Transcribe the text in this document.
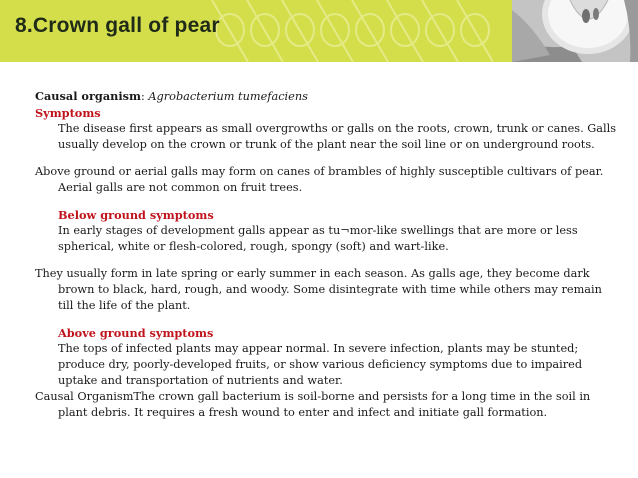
8.Crown gall of pear

Causal organism: Agrobacterium tumefaciens

Symptoms

The disease first appears as small overgrowths or galls on the roots, crown, trunk or canes. Galls usually develop on the crown or trunk of the plant near the soil line or on underground roots.

Above ground or aerial galls may form on canes of brambles of highly susceptible cultivars of pear. Aerial galls are not common on fruit trees.

Below ground symptoms

In early stages of development galls appear as tu¬mor-like swellings that are more or less spherical, white or flesh-colored, rough, spongy (soft) and wart-like.

They usually form in late spring or early summer in each season. As galls age, they become dark brown to black, hard, rough, and woody. Some disintegrate with time while others may remain till the life of the plant.

Above ground symptoms

The tops of infected plants may appear normal. In severe infection, plants may be stunted; produce dry, poorly-developed fruits, or show various deficiency symptoms due to impaired uptake and transportation of nutrients and water.

Causal OrganismThe crown gall bacterium is soil-borne and persists for a long time in the soil in plant debris. It requires a fresh wound to enter and infect and initiate gall formation.
